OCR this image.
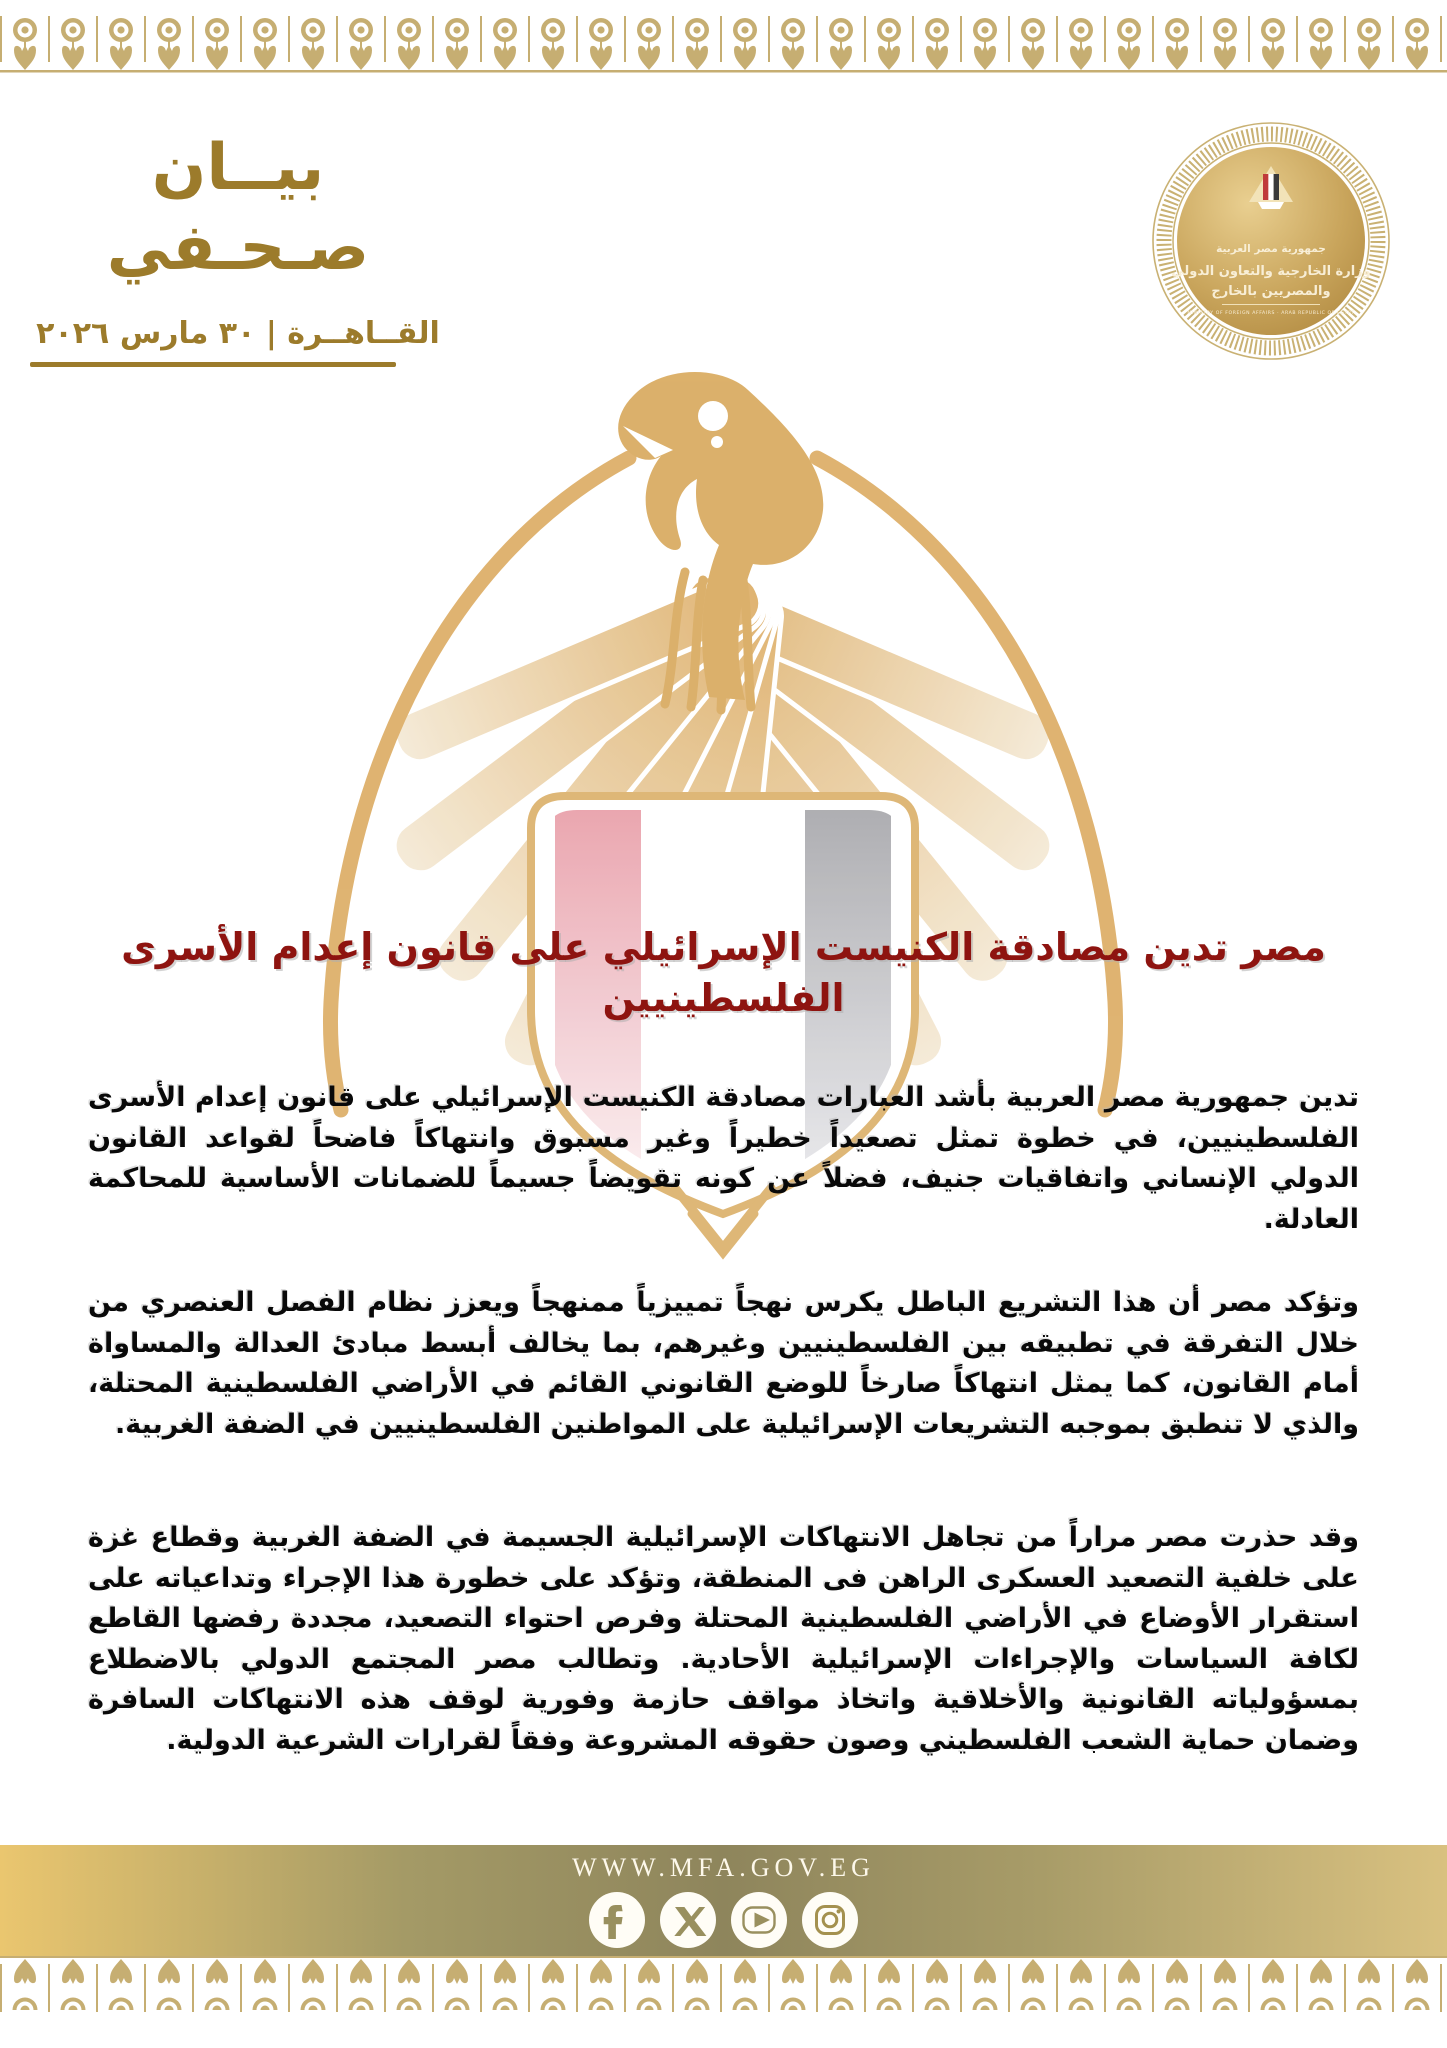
بيــان صـحـفي
القــاهــرة | ٣٠ مارس ٢٠٢٦
جمهورية مصر العربية
وزارة الخارجية والتعاون الدولي
والمصريين بالخارج
MINISTRY OF FOREIGN AFFAIRS · ARAB REPUBLIC OF EGYPT
مصر تدين مصادقة الكنيست الإسرائيلي على قانون إعدام الأسرى الفلسطينيين

تدين جمهورية مصر العربية بأشد العبارات مصادقة الكنيست الإسرائيلي على قانون إعدام الأسرى الفلسطينيين، في خطوة تمثل تصعيداً خطيراً وغير مسبوق وانتهاكاً فاضحاً لقواعد القانون الدولي الإنساني واتفاقيات جنيف، فضلاً عن كونه تقويضاً جسيماً للضمانات الأساسية للمحاكمة العادلة.

وتؤكد مصر أن هذا التشريع الباطل يكرس نهجاً تمييزياً ممنهجاً ويعزز نظام الفصل العنصري من خلال التفرقة في تطبيقه بين الفلسطينيين وغيرهم، بما يخالف أبسط مبادئ العدالة والمساواة أمام القانون، كما يمثل انتهاكاً صارخاً للوضع القانوني القائم في الأراضي الفلسطينية المحتلة، والذي لا تنطبق بموجبه التشريعات الإسرائيلية على المواطنين الفلسطينيين في الضفة الغربية.

وقد حذرت مصر مراراً من تجاهل الانتهاكات الإسرائيلية الجسيمة في الضفة الغربية وقطاع غزة على خلفية التصعيد العسكرى الراهن فى المنطقة، وتؤكد على خطورة هذا الإجراء وتداعياته على استقرار الأوضاع في الأراضي الفلسطينية المحتلة وفرص احتواء التصعيد، مجددة رفضها القاطع لكافة السياسات والإجراءات الإسرائيلية الأحادية. وتطالب مصر المجتمع الدولي بالاضطلاع بمسؤولياته القانونية والأخلاقية واتخاذ مواقف حازمة وفورية لوقف هذه الانتهاكات السافرة وضمان حماية الشعب الفلسطيني وصون حقوقه المشروعة وفقاً لقرارات الشرعية الدولية.

WWW.MFA.GOV.EG
